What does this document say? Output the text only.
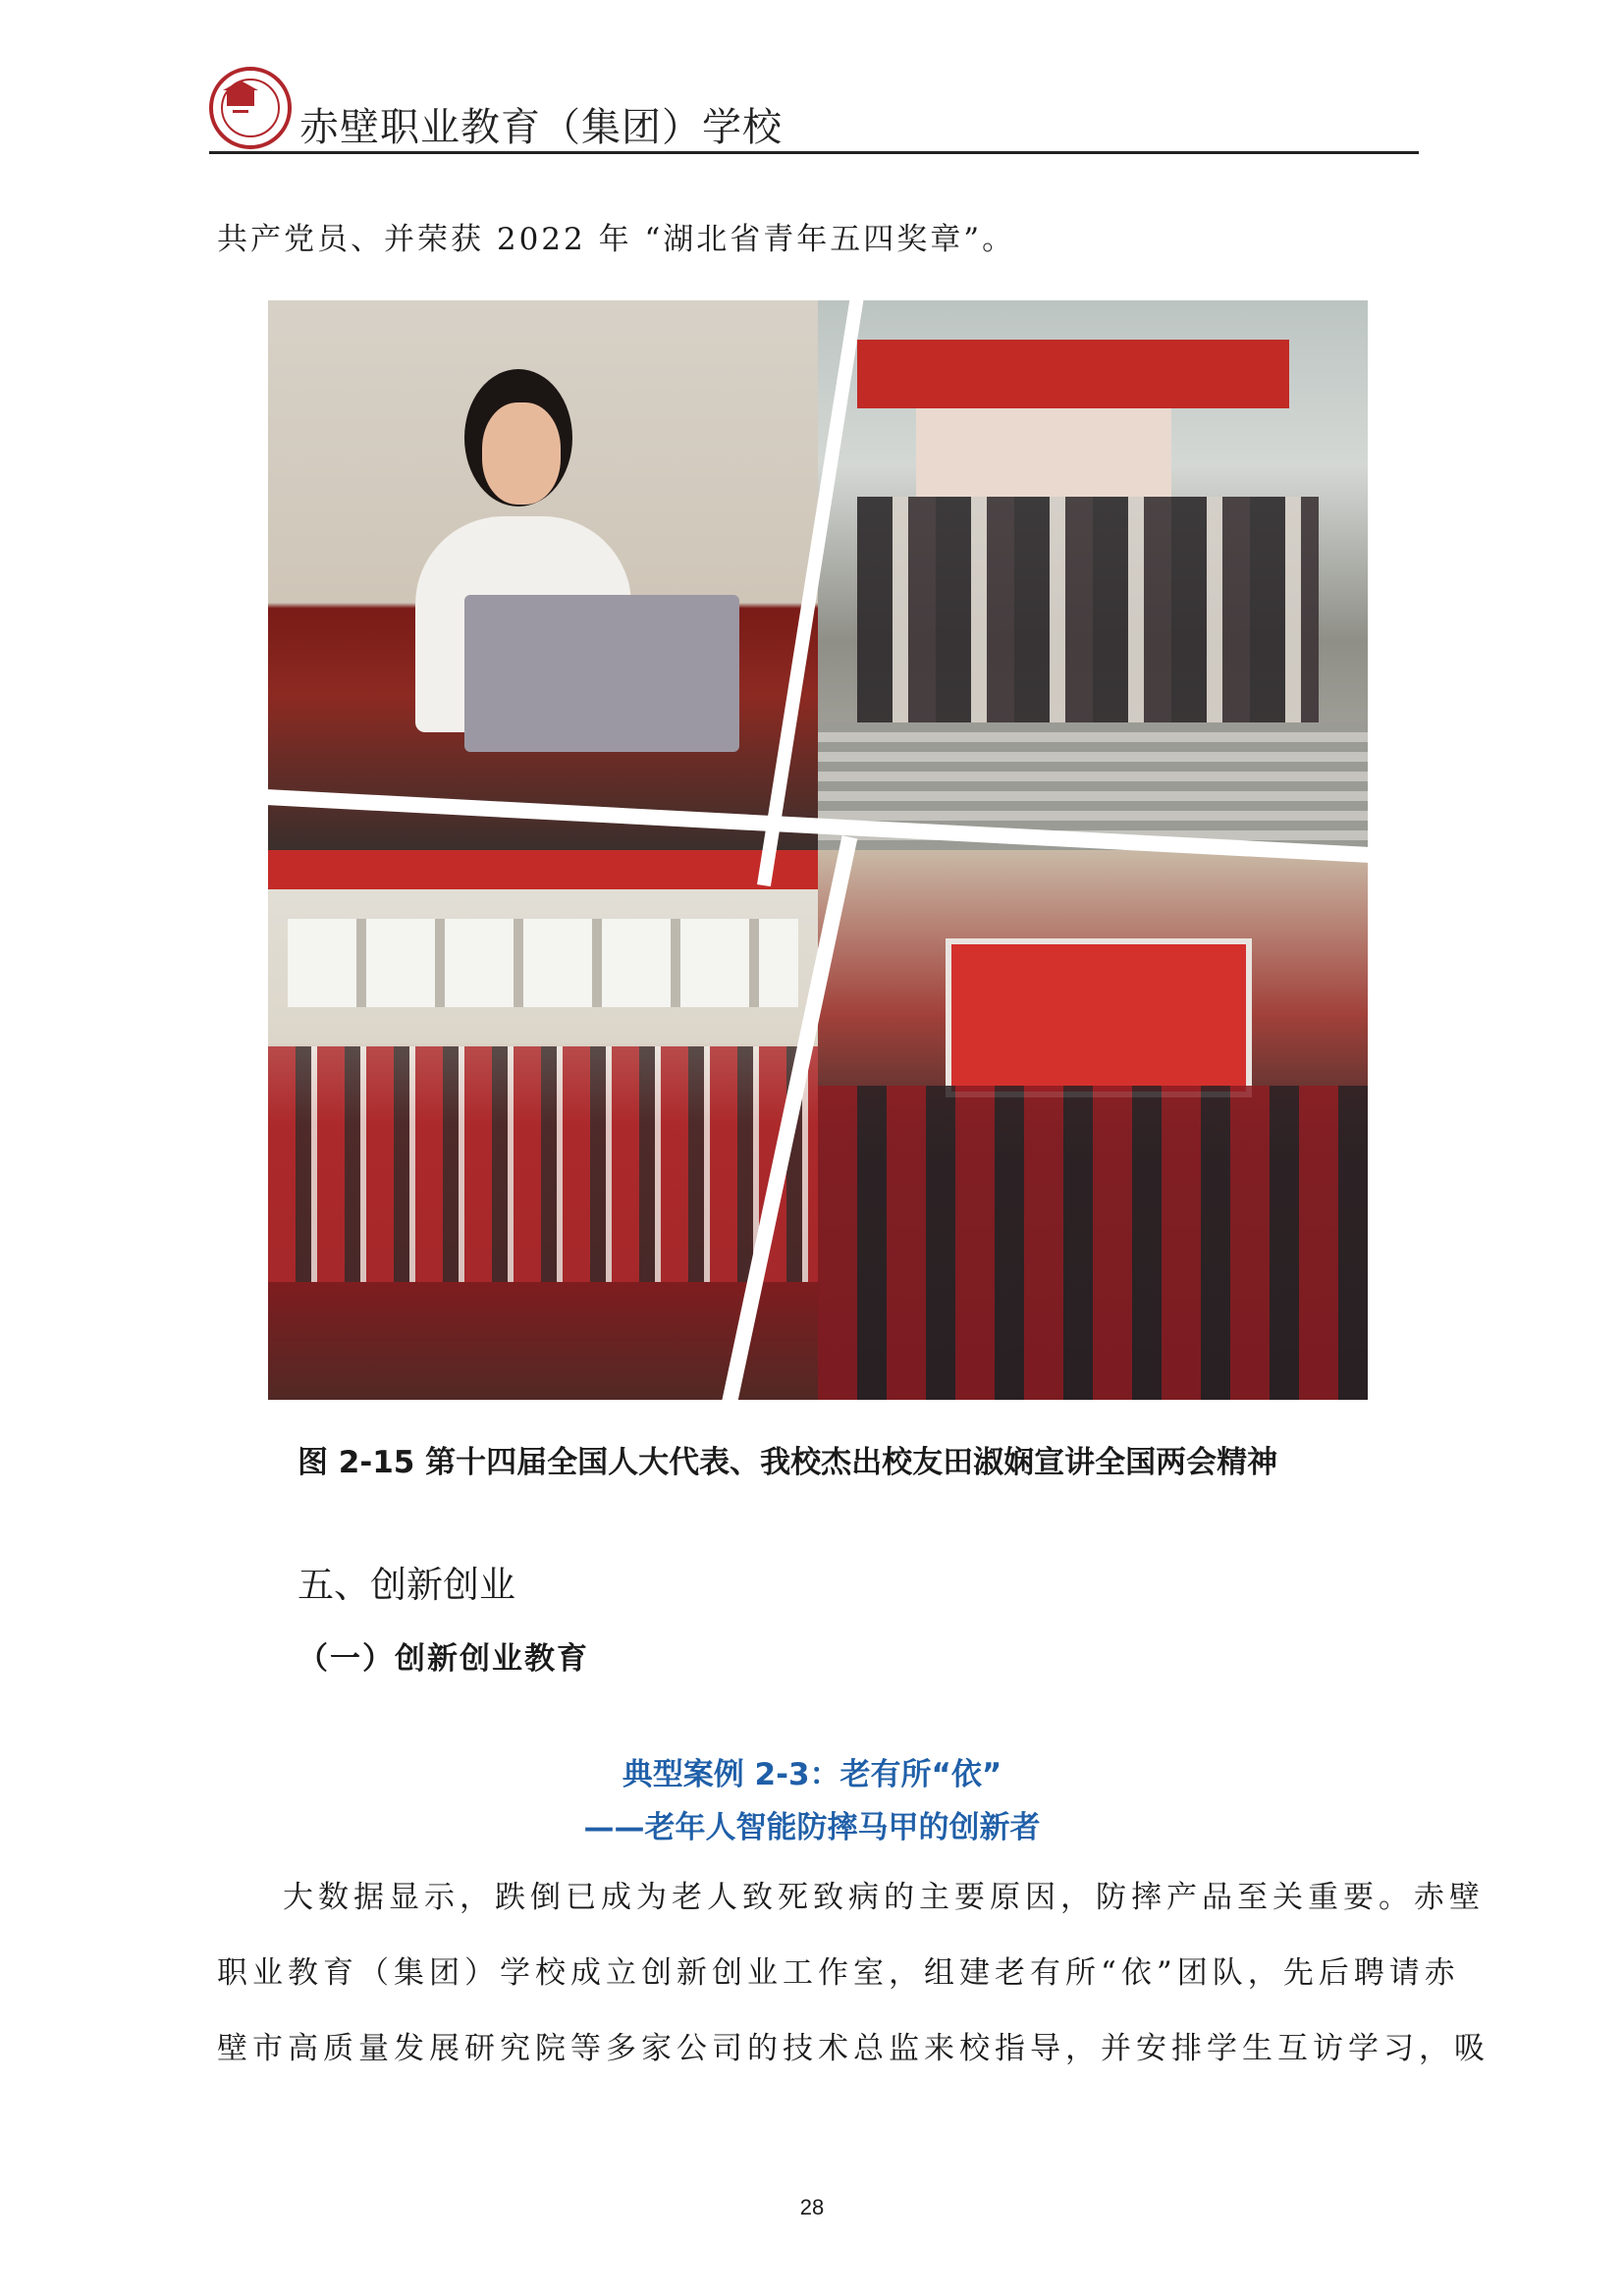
赤壁职业教育（集团）学校
共产党员、并荣获 2022 年 “湖北省青年五四奖章”。
图 2-15 第十四届全国人大代表、我校杰出校友田淑娴宣讲全国两会精神
五、创新创业
（一）创新创业教育
典型案例 2-3：老有所“依”
——老年人智能防摔马甲的创新者
大数据显示，跌倒已成为老人致死致病的主要原因，防摔产品至关重要。赤壁
职业教育（集团）学校成立创新创业工作室，组建老有所“依”团队，先后聘请赤
壁市高质量发展研究院等多家公司的技术总监来校指导，并安排学生互访学习，吸
28
